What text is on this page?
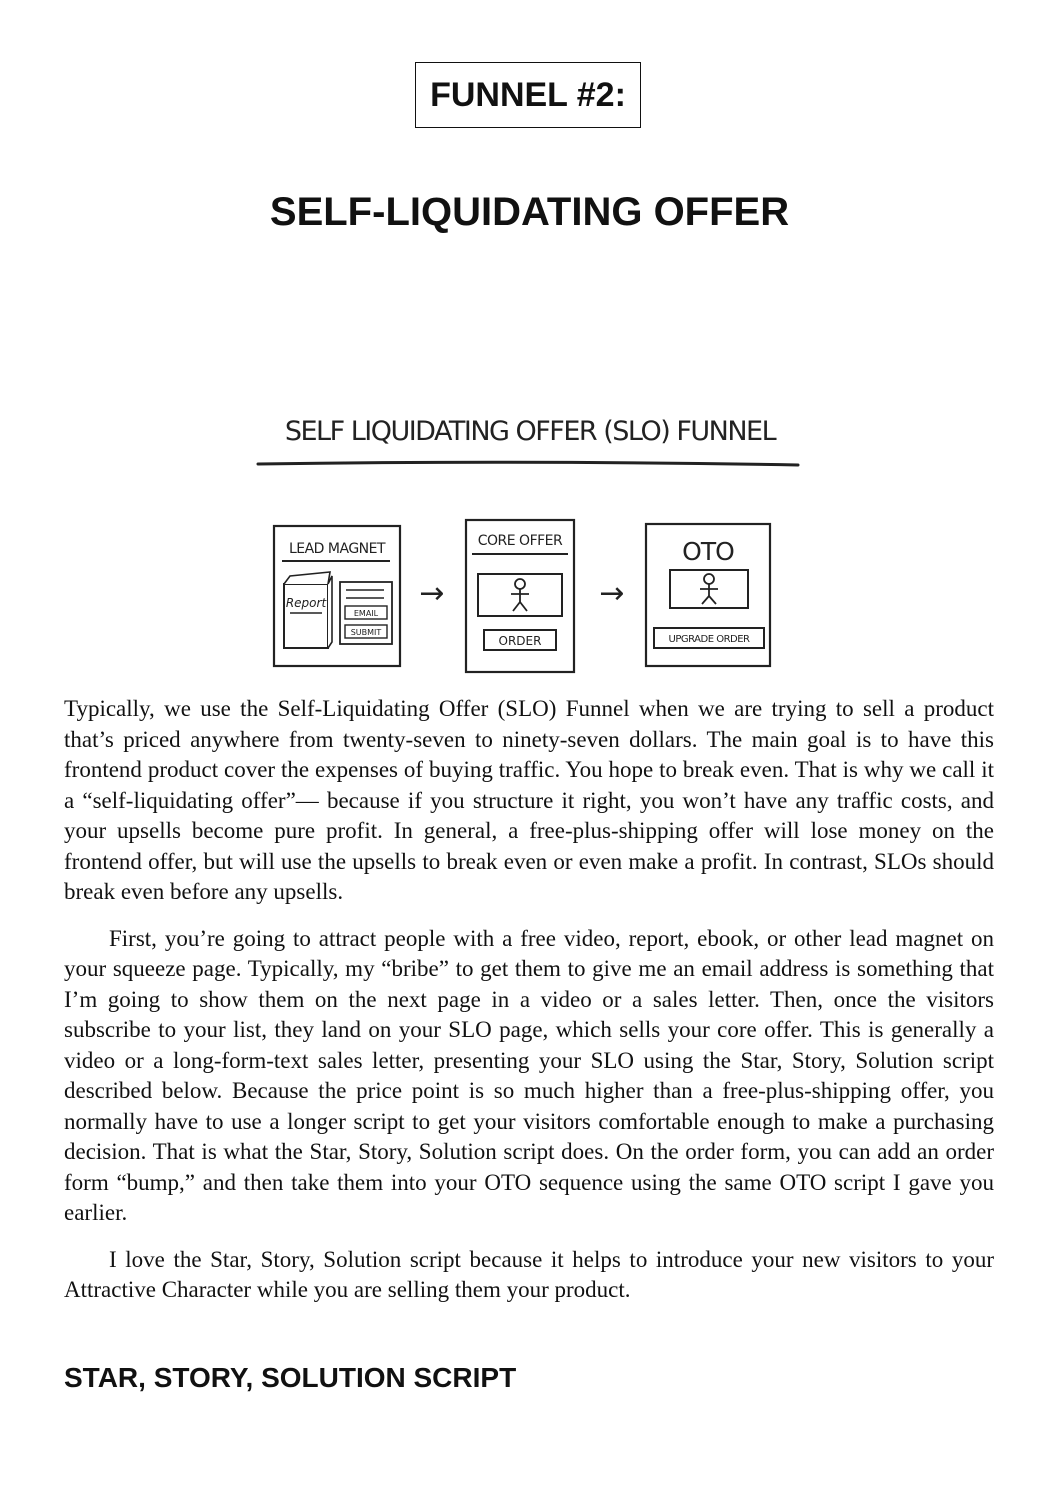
FUNNEL #2:
SELF-LIQUIDATING OFFER
SELF LIQUIDATING OFFER (SLO) FUNNEL
LEAD MAGNET
Report
EMAIL
SUBMIT
→
CORE OFFER
ORDER
→
OTO
UPGRADE ORDER

Typically, we use the Self-Liquidating Offer (SLO) Funnel when we are trying to sell a product that’s priced anywhere from twenty-seven to ninety-seven dollars. The main goal is to have this frontend product cover the expenses of buying traffic. You hope to break even. That is why we call it a “self-liquidating offer”— because if you structure it right, you won’t have any traffic costs, and your upsells become pure profit. In general, a free-plus-shipping offer will lose money on the frontend offer, but will use the upsells to break even or even make a profit. In contrast, SLOs should break even before any upsells.

First, you’re going to attract people with a free video, report, ebook, or other lead magnet on your squeeze page. Typically, my “bribe” to get them to give me an email address is something that I’m going to show them on the next page in a video or a sales letter. Then, once the visitors subscribe to your list, they land on your SLO page, which sells your core offer. This is generally a video or a long-form-text sales letter, presenting your SLO using the Star, Story, Solution script described below. Because the price point is so much higher than a free-plus-shipping offer, you normally have to use a longer script to get your visitors comfortable enough to make a purchasing decision. That is what the Star, Story, Solution script does. On the order form, you can add an order form “bump,” and then take them into your OTO sequence using the same OTO script I gave you earlier.

I love the Star, Story, Solution script because it helps to introduce your new visitors to your Attractive Character while you are selling them your product.

STAR, STORY, SOLUTION SCRIPT
